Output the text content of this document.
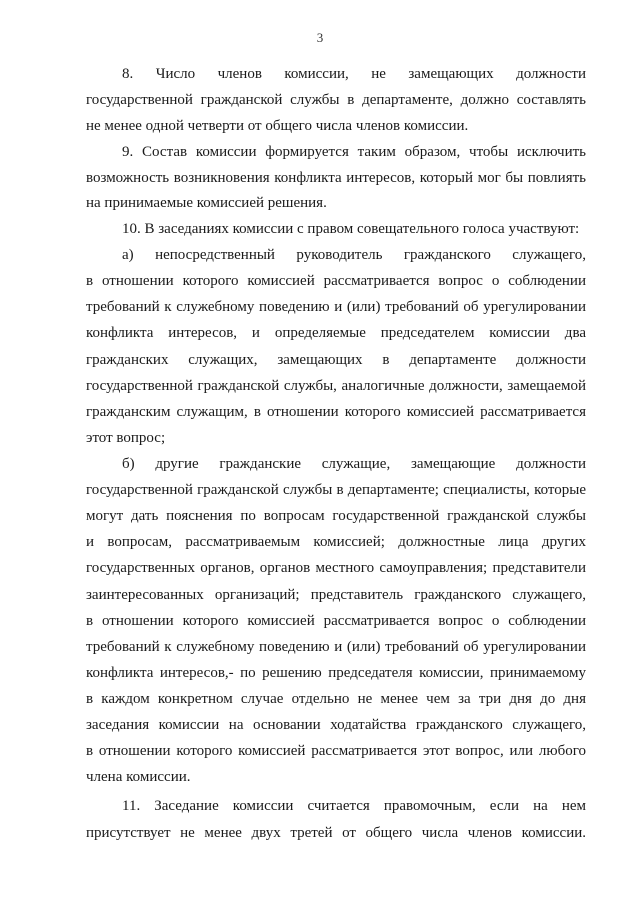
3
8. Число членов комиссии, не замещающих должности
государственной гражданской службы в департаменте, должно составлять
не менее одной четверти от общего числа членов комиссии.
9. Состав комиссии формируется таким образом, чтобы исключить
возможность возникновения конфликта интересов, который мог бы повлиять
на принимаемые комиссией решения.
10. В заседаниях комиссии с правом совещательного голоса участвуют:
а) непосредственный руководитель гражданского служащего,
в отношении которого комиссией рассматривается вопрос о соблюдении
требований к служебному поведению и (или) требований об урегулировании
конфликта интересов, и определяемые председателем комиссии два
гражданских служащих, замещающих в департаменте должности
государственной гражданской службы, аналогичные должности, замещаемой
гражданским служащим, в отношении которого комиссией рассматривается
этот вопрос;
б) другие гражданские служащие, замещающие должности
государственной гражданской службы в департаменте; специалисты, которые
могут дать пояснения по вопросам государственной гражданской службы
и вопросам, рассматриваемым комиссией; должностные лица других
государственных органов, органов местного самоуправления; представители
заинтересованных организаций; представитель гражданского служащего,
в отношении которого комиссией рассматривается вопрос о соблюдении
требований к служебному поведению и (или) требований об урегулировании
конфликта интересов,- по решению председателя комиссии, принимаемому
в каждом конкретном случае отдельно не менее чем за три дня до дня
заседания комиссии на основании ходатайства гражданского служащего,
в отношении которого комиссией рассматривается этот вопрос, или любого
члена комиссии.
11. Заседание комиссии считается правомочным, если на нем
присутствует не менее двух третей от общего числа членов комиссии.
